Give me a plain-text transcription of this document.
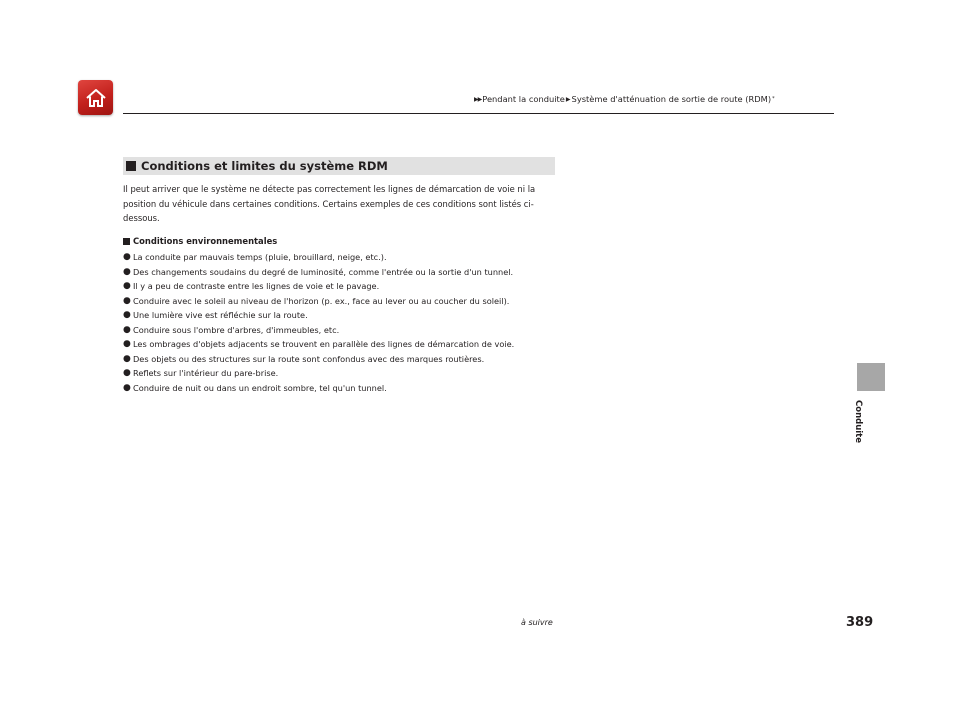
▶▶ Pendant la conduite ▶ Système d'atténuation de sortie de route (RDM) *
Conditions et limites du système RDM

Il peut arriver que le système ne détecte pas correctement les lignes de démarcation de voie ni la position du véhicule dans certaines conditions. Certains exemples de ces conditions sont listés ci-dessous.

Conditions environnementales
● La conduite par mauvais temps (pluie, brouillard, neige, etc.).
● Des changements soudains du degré de luminosité, comme l'entrée ou la sortie d'un tunnel.
● Il y a peu de contraste entre les lignes de voie et le pavage.
● Conduire avec le soleil au niveau de l'horizon (p. ex., face au lever ou au coucher du soleil).
● Une lumière vive est réfléchie sur la route.
● Conduire sous l'ombre d'arbres, d'immeubles, etc.
● Les ombrages d'objets adjacents se trouvent en parallèle des lignes de démarcation de voie.
● Des objets ou des structures sur la route sont confondus avec des marques routières.
● Reflets sur l'intérieur du pare-brise.
● Conduire de nuit ou dans un endroit sombre, tel qu'un tunnel.
Conduite
à suivre	389
